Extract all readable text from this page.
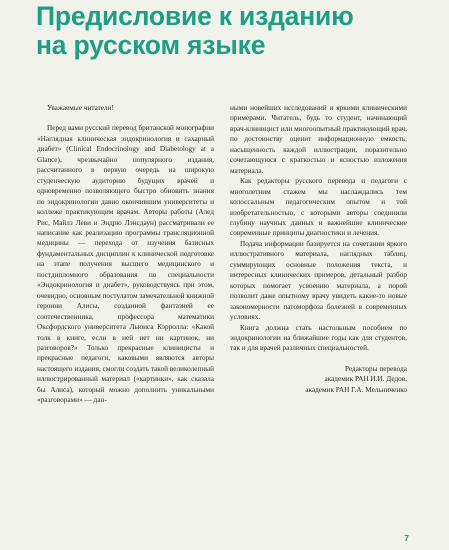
Предисловие к изданию
на русском языке

Уважаемые читатели!

Перед вами русский перевод британской монографии «Наглядная клиническая эндокринология и сахарный диабет» (Clinical Endocrinology and Diabetology at a Glance), чрезвычайно популярного издания, рассчитанного в первую очередь на широкую студенческую аудиторию будущих врачей и одновременно позволяющего быстро обновить знания по эндокринологии давно окончившим университеты и коллеже практикующим врачам. Авторы работы (Алед Рис, Майлз Леви и Эндрю Лэнсдаун) рассматривали ее написание как реализацию программы трансляционной медицины — перехода от изучения базисных фундаментальных дисциплин к клинической подготовке на этапе получения высшего медицинского и постдипломного образования по специальности «Эндокринология и диабет», руководствуясь при этом, очевидно, основным постулатом замечательной книжной героини Алисы, созданной фантазией ее соотечественника, профессора математики Оксфордского университета Льюиса Кэрролла: «Какой толк в книге, если в ней нет ни картинок, ни разговоров?» Только прекрасные клиницисты и прекрасные педагоги, каковыми являются авторы настоящего издания, смогли создать такой великолепный иллюстрированный материал («картинки», как сказала бы Алиса), который можно дополнить уникальными «разговорами» — дан-

ными новейших исследований и яркими клиническими примерами. Читатель, будь то студент, начинающий врач-клиницист или многоопытный практикующий врач, по достоинству оценит информационную емкость, насыщенность каждой иллюстрации, поразительно сочетающуюся с краткостью и ясностью изложения материала.

Как редакторы русского перевода и педагоги с многолетним стажем мы наслаждались тем колоссальным педагогическим опытом и той изобретательностью, с которыми авторы соединили глубину научных данных и важнейшие клинические современные принципы диагностики и лечения.

Подача информации базируется на сочетании яркого иллюстративного материала, наглядных таблиц, суммирующих основные положения текста, и интересных клинических примеров, детальный разбор которых помогает усвоению материала, а порой позволит даже опытному врачу увидеть какие-то новые закономерности патоморфоза болезней в современных условиях.

Книга должна стать настольным пособием по эндокринологии на ближайшие годы как для студентов, так и для врачей различных специальностей.

Редакторы перевода
академик РАН И.И. Дедов,
академик РАН Г.А. Мельниченко
7
